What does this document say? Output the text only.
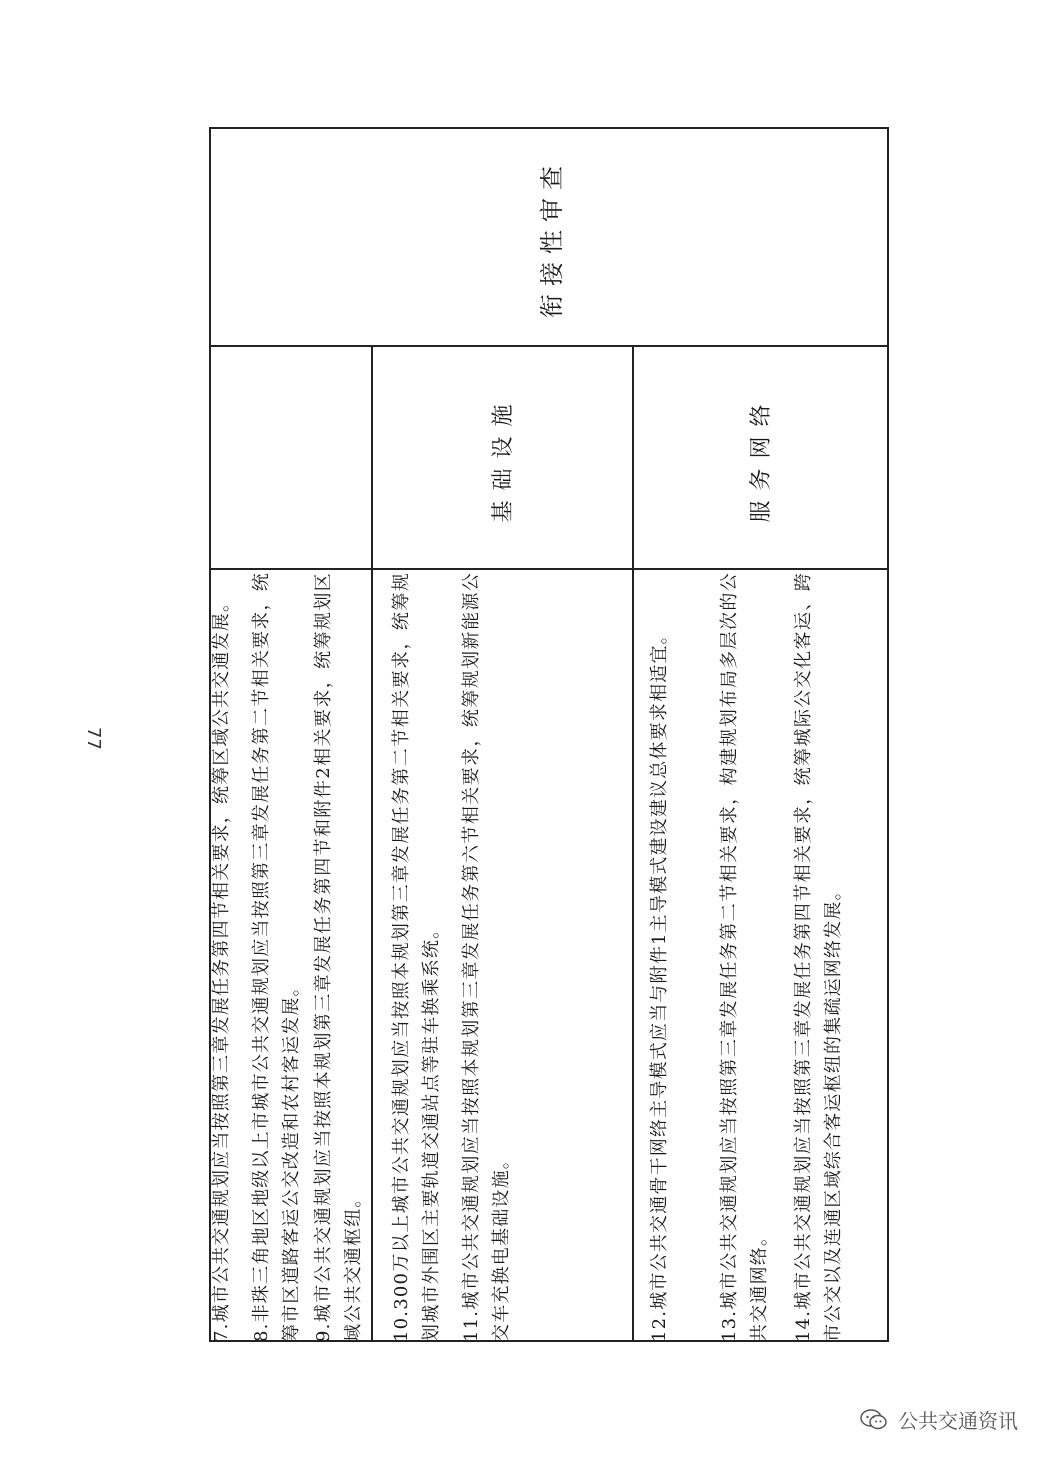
衔接性审查
7.城市公共交通规划应当按照第三章发展任务第四节相关要求，统筹区域公共交通发展。 8.非珠三角地区地级以上市城市公共交通规划应当按照第三章发展任务第二节相关要求，统筹市区道路客运公交改造和农村客运发展。 9.城市公共交通规划应当按照本规划第三章发展任务第四节和附件2相关要求，统筹规划区域公共交通枢纽。
基础设施
10.300万以上城市公共交通规划应当按照本规划第三章发展任务第二节相关要求，统筹规划城市外围区主要轨道交通站点等驻车换乘系统。 11.城市公共交通规划应当按照本规划第三章发展任务第六节相关要求，统筹规划新能源公交车充换电基础设施。
服务网络
12.城市公共交通骨干网络主导模式应当与附件1主导模式建设建议总体要求相适宜。	13.城市公共交通规划应当按照第三章发展任务第二节相关要求，构建规划布局多层次的公共交通网络。 14.城市公共交通规划应当按照第三章发展任务第四节相关要求，统筹城际公交化客运、跨市公交以及连通区域综合客运枢纽的集疏运网络发展。
77
公共交通资讯
